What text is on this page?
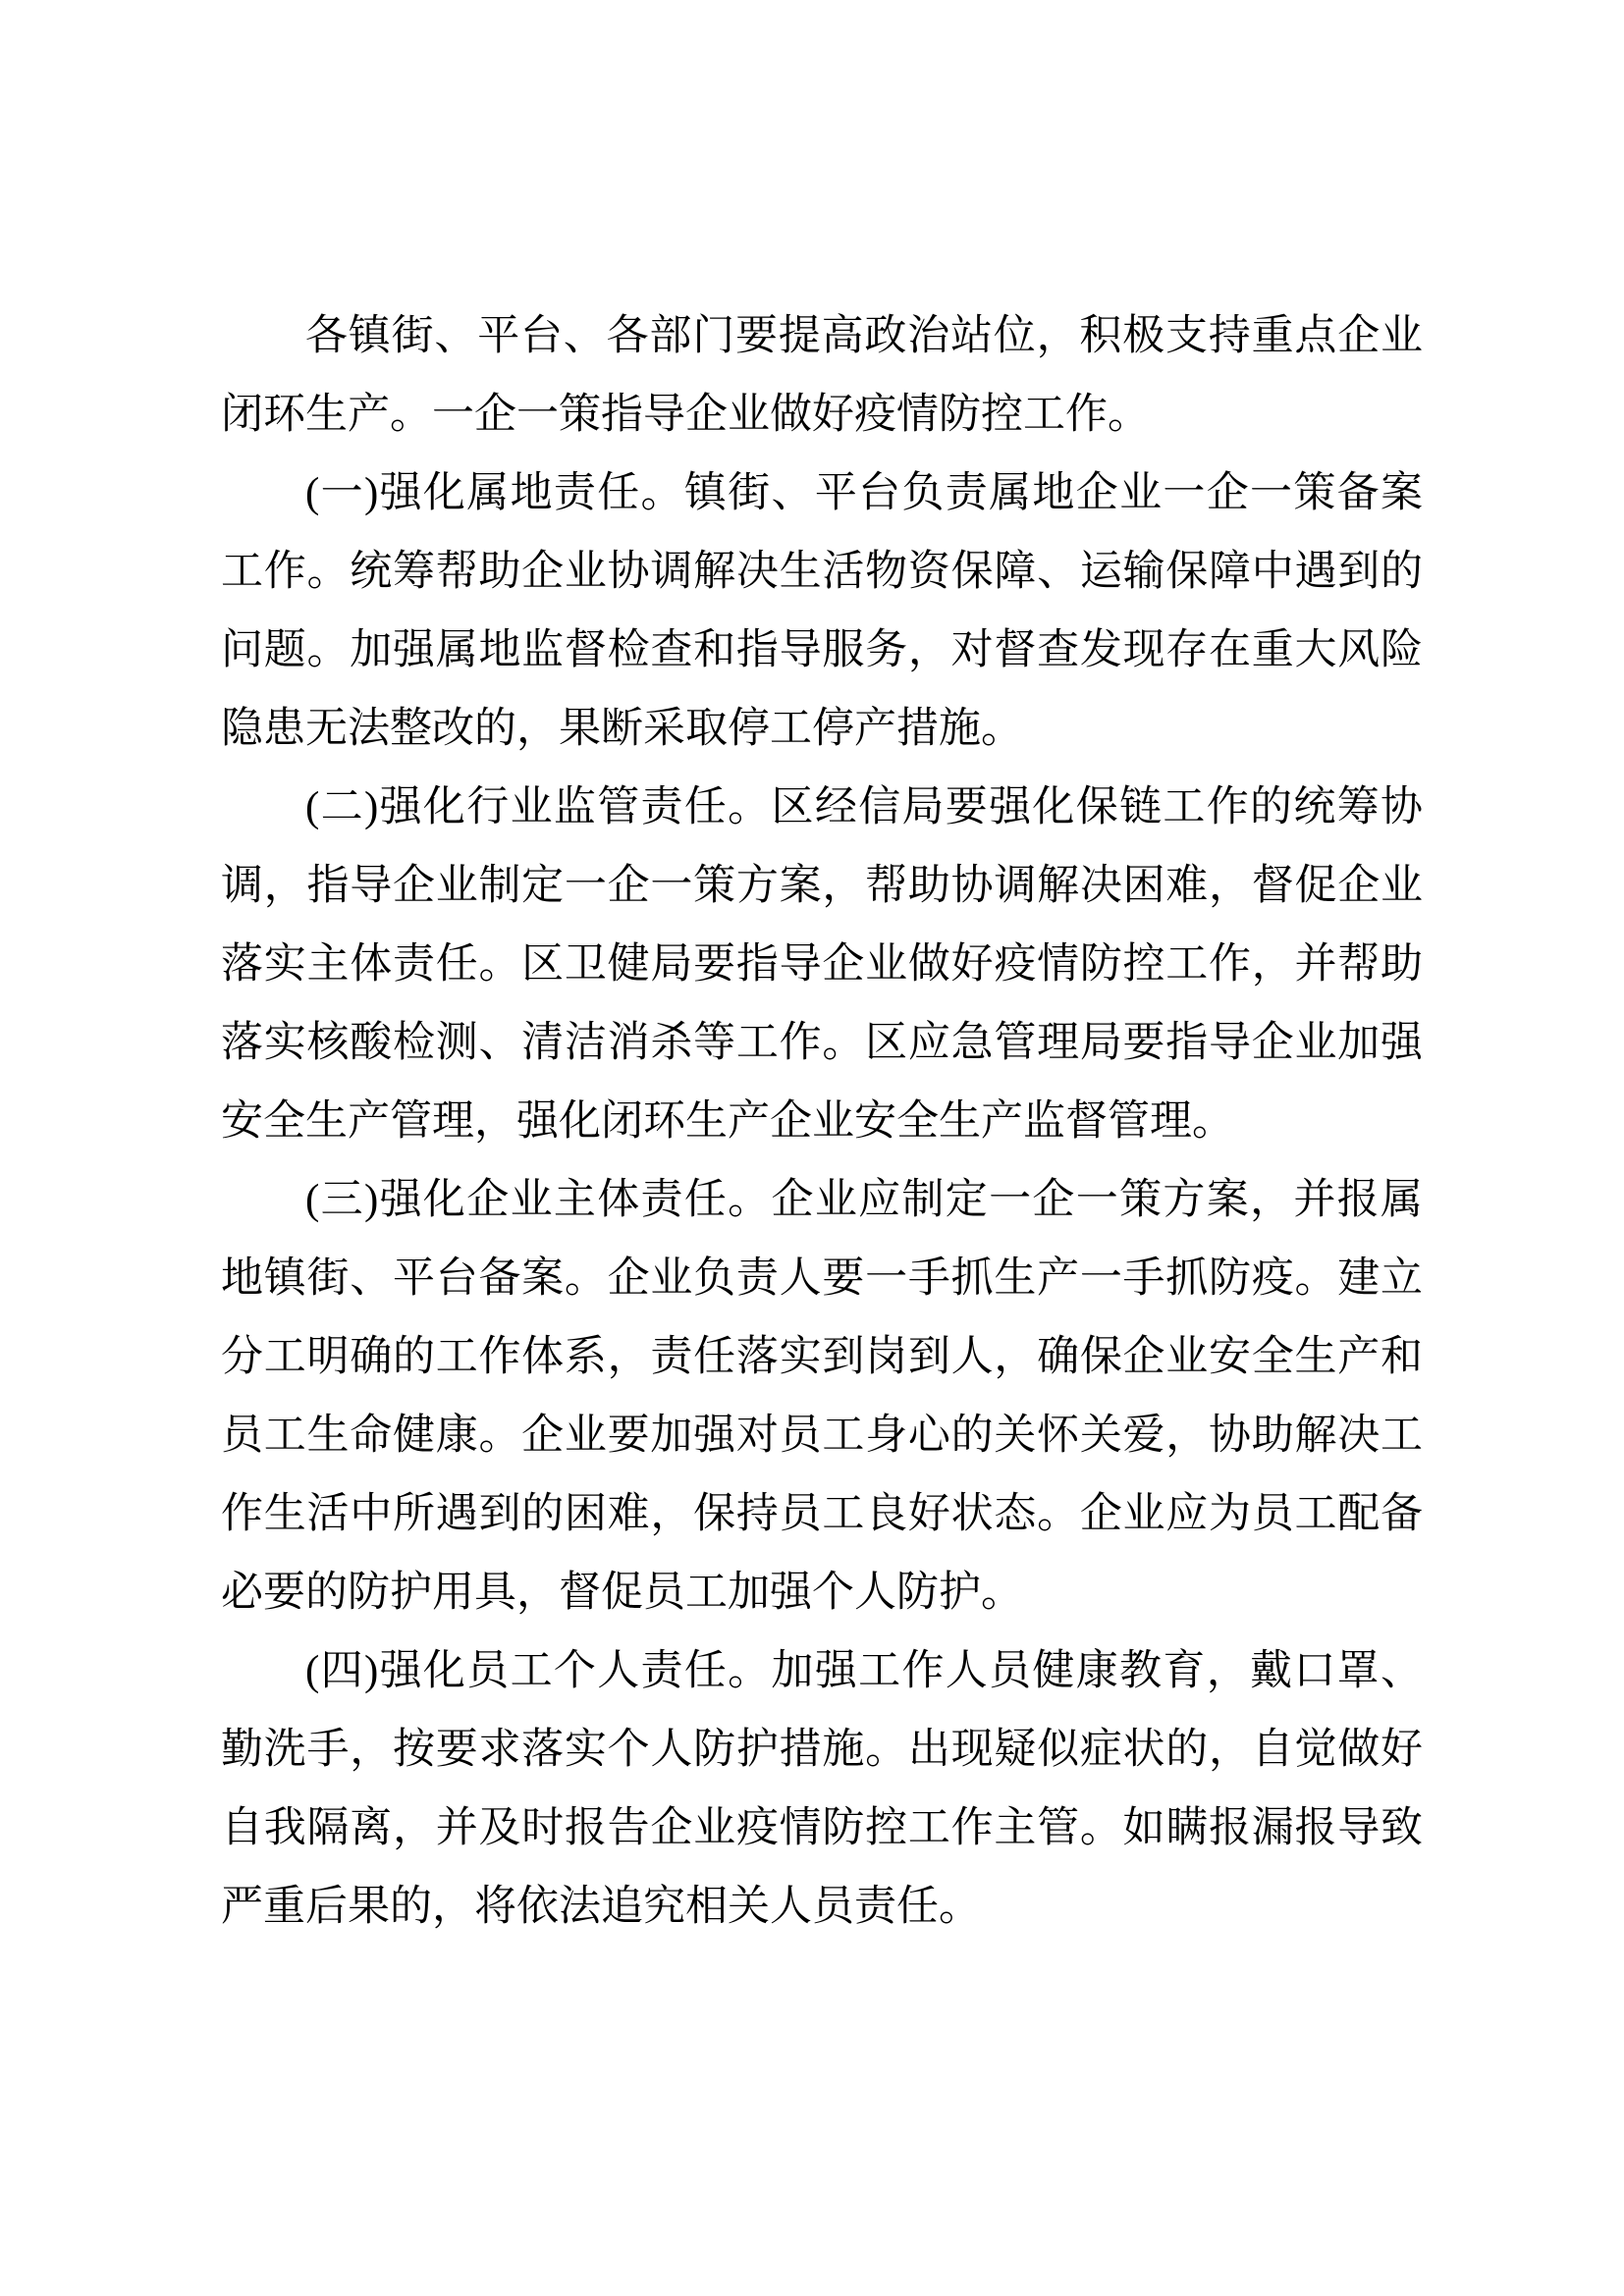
各镇街、平台、各部门要提高政治站位，积极支持重点企业闭环生产。一企一策指导企业做好疫情防控工作。

(一)强化属地责任。镇街、平台负责属地企业一企一策备案工作。统筹帮助企业协调解决生活物资保障、运输保障中遇到的问题。加强属地监督检查和指导服务，对督查发现存在重大风险隐患无法整改的，果断采取停工停产措施。

(二)强化行业监管责任。区经信局要强化保链工作的统筹协调，指导企业制定一企一策方案，帮助协调解决困难，督促企业落实主体责任。区卫健局要指导企业做好疫情防控工作，并帮助落实核酸检测、清洁消杀等工作。区应急管理局要指导企业加强安全生产管理，强化闭环生产企业安全生产监督管理。

(三)强化企业主体责任。企业应制定一企一策方案，并报属地镇街、平台备案。企业负责人要一手抓生产一手抓防疫。建立分工明确的工作体系，责任落实到岗到人，确保企业安全生产和员工生命健康。企业要加强对员工身心的关怀关爱，协助解决工作生活中所遇到的困难，保持员工良好状态。企业应为员工配备必要的防护用具，督促员工加强个人防护。

(四)强化员工个人责任。加强工作人员健康教育，戴口罩、勤洗手，按要求落实个人防护措施。出现疑似症状的，自觉做好自我隔离，并及时报告企业疫情防控工作主管。如瞒报漏报导致严重后果的，将依法追究相关人员责任。
